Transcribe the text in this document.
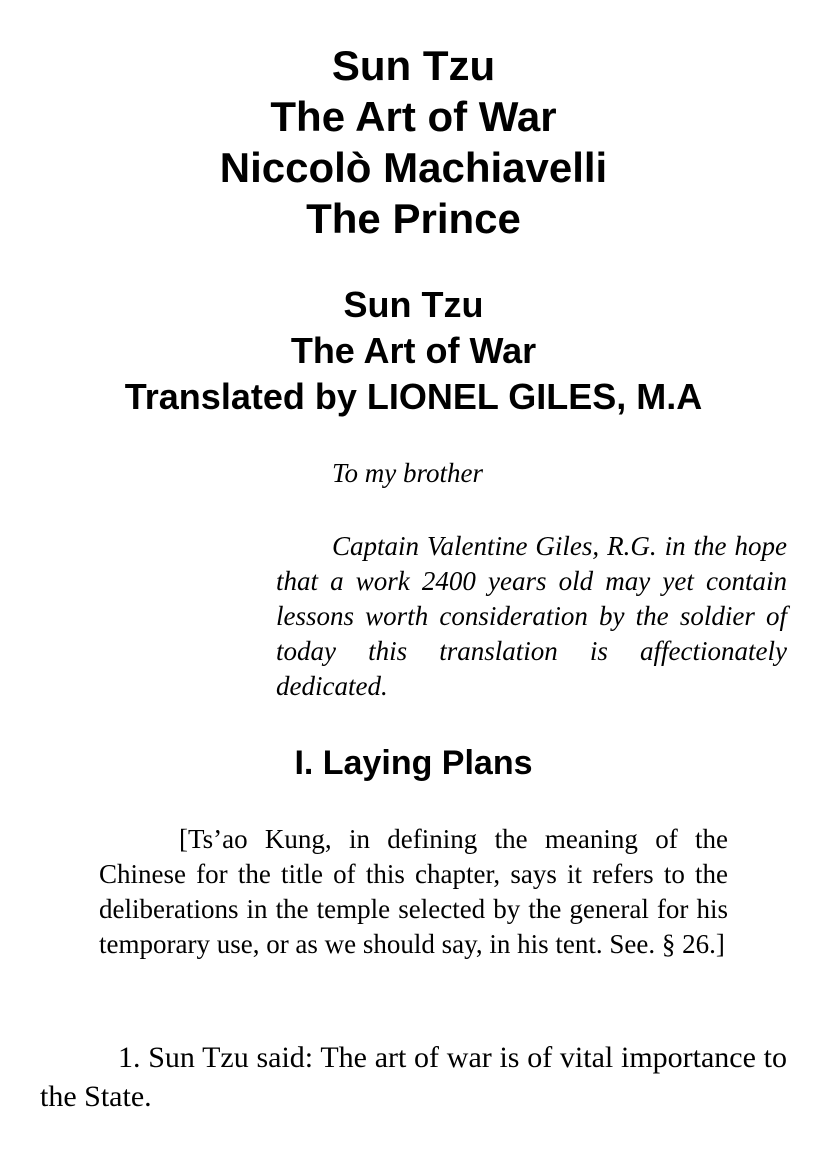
Sun Tzu
The Art of War
Niccolò Machiavelli
The Prince
Sun Tzu
The Art of War
Translated by LIONEL GILES, M.A
To my brother
Captain Valentine Giles, R.G. in the hope that a work 2400 years old may yet contain lessons worth consideration by the soldier of today this translation is affectionately dedicated.
I. Laying Plans
[Ts’ao Kung, in defining the meaning of the Chinese for the title of this chapter, says it refers to the deliberations in the temple selected by the general for his temporary use, or as we should say, in his tent. See. § 26.]
1. Sun Tzu said: The art of war is of vital importance to the State.
